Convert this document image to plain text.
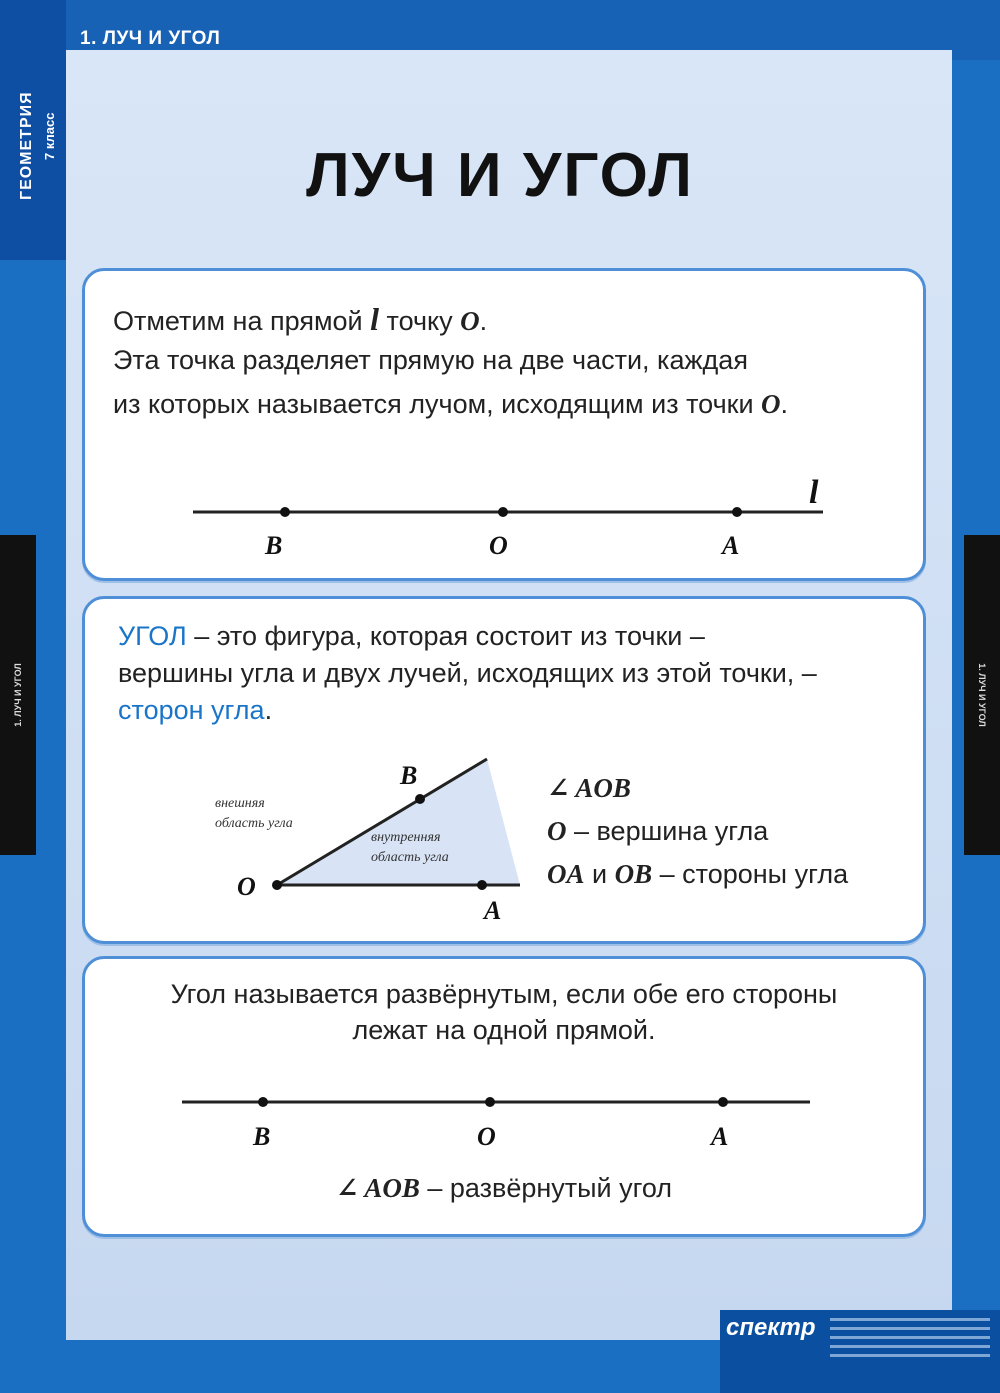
1. ЛУЧ И УГОЛ
ГЕОМЕТРИЯ 7 класс
1. ЛУЧ И УГОЛ	1. ЛУЧ И УГОЛ
ЛУЧ И УГОЛ
Отметим на прямой l точку O.
Эта точка разделяет прямую на две части, каждая
из которых называется лучом, исходящим из точки O.
l
B	O	A
УГОЛ – это фигура, которая состоит из точки –
вершины угла и двух лучей, исходящих из этой точки, –
сторон угла.
O
B
A
внешняя
область угла
внутренняя
область угла
∠ AOB
O – вершина угла
OA и OB – стороны угла
Угол называется развёрнутым, если обе его стороны
лежат на одной прямой.
B	O	A
∠ AOB – развёрнутый угол
спектр
